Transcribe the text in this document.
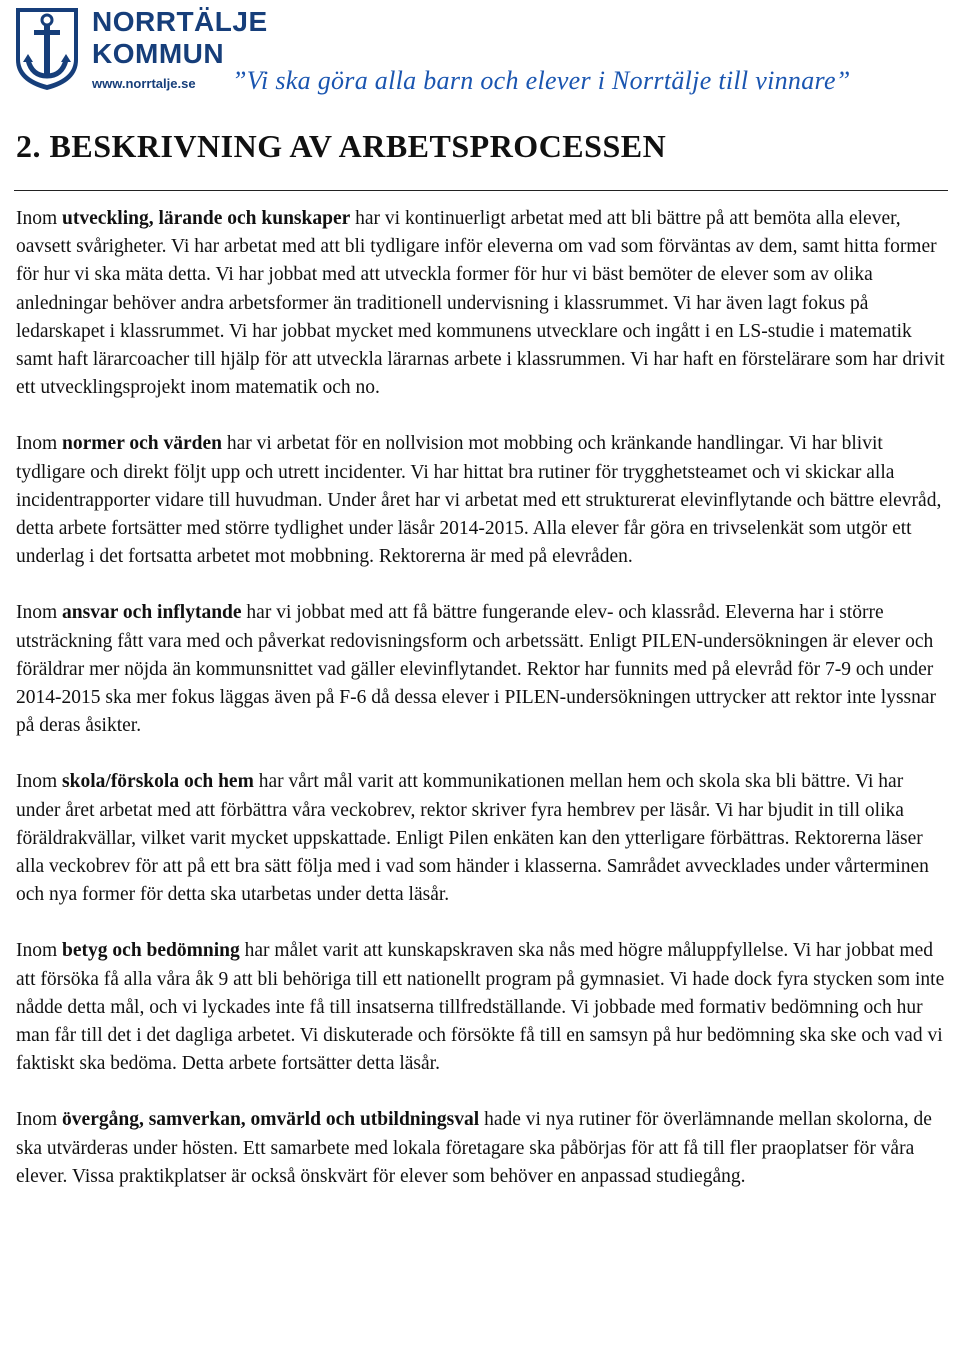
NORRTÄLJE
KOMMUN
www.norrtalje.se ”Vi ska göra alla barn och elever i Norrtälje till vinnare”
2. BESKRIVNING AV ARBETSPROCESSEN

Inom utveckling, lärande och kunskaper har vi kontinuerligt arbetat med att bli bättre på att bemöta alla elever, oavsett svårigheter. Vi har arbetat med att bli tydligare inför eleverna om vad som förväntas av dem, samt hitta former för hur vi ska mäta detta. Vi har jobbat med att utveckla former för hur vi bäst bemöter de elever som av olika anledningar behöver andra arbetsformer än traditionell undervisning i klassrummet. Vi har även lagt fokus på ledarskapet i klassrummet. Vi har jobbat mycket med kommunens utvecklare och ingått i en LS-studie i matematik samt haft lärarcoacher till hjälp för att utveckla lärarnas arbete i klassrummen. Vi har haft en förstelärare som har drivit ett utvecklingsprojekt inom matematik och no.

Inom normer och värden har vi arbetat för en nollvision mot mobbing och kränkande handlingar. Vi har blivit tydligare och direkt följt upp och utrett incidenter. Vi har hittat bra rutiner för trygghetsteamet och vi skickar alla incidentrapporter vidare till huvudman. Under året har vi arbetat med ett strukturerat elevinflytande och bättre elevråd, detta arbete fortsätter med större tydlighet under läsår 2014-2015. Alla elever får göra en trivselenkät som utgör ett underlag i det fortsatta arbetet mot mobbning. Rektorerna är med på elevråden.

Inom ansvar och inflytande har vi jobbat med att få bättre fungerande elev- och klassråd. Eleverna har i större utsträckning fått vara med och påverkat redovisningsform och arbetssätt. Enligt PILEN-undersökningen är elever och föräldrar mer nöjda än kommunsnittet vad gäller elevinflytandet. Rektor har funnits med på elevråd för 7-9 och under 2014-2015 ska mer fokus läggas även på F-6 då dessa elever i PILEN-undersökningen uttrycker att rektor inte lyssnar på deras åsikter.

Inom skola/förskola och hem har vårt mål varit att kommunikationen mellan hem och skola ska bli bättre. Vi har under året arbetat med att förbättra våra veckobrev, rektor skriver fyra hembrev per läsår. Vi har bjudit in till olika föräldrakvällar, vilket varit mycket uppskattade. Enligt Pilen enkäten kan den ytterligare förbättras. Rektorerna läser alla veckobrev för att på ett bra sätt följa med i vad som händer i klasserna. Samrådet avvecklades under vårterminen och nya former för detta ska utarbetas under detta läsår.

Inom betyg och bedömning har målet varit att kunskapskraven ska nås med högre måluppfyllelse. Vi har jobbat med att försöka få alla våra åk 9 att bli behöriga till ett nationellt program på gymnasiet. Vi hade dock fyra stycken som inte nådde detta mål, och vi lyckades inte få till insatserna tillfredställande. Vi jobbade med formativ bedömning och hur man får till det i det dagliga arbetet. Vi diskuterade och försökte få till en samsyn på hur bedömning ska ske och vad vi faktiskt ska bedöma. Detta arbete fortsätter detta läsår.

Inom övergång, samverkan, omvärld och utbildningsval hade vi nya rutiner för överlämnande mellan skolorna, de ska utvärderas under hösten. Ett samarbete med lokala företagare ska påbörjas för att få till fler praoplatser för våra elever. Vissa praktikplatser är också önskvärt för elever som behöver en anpassad studiegång.
